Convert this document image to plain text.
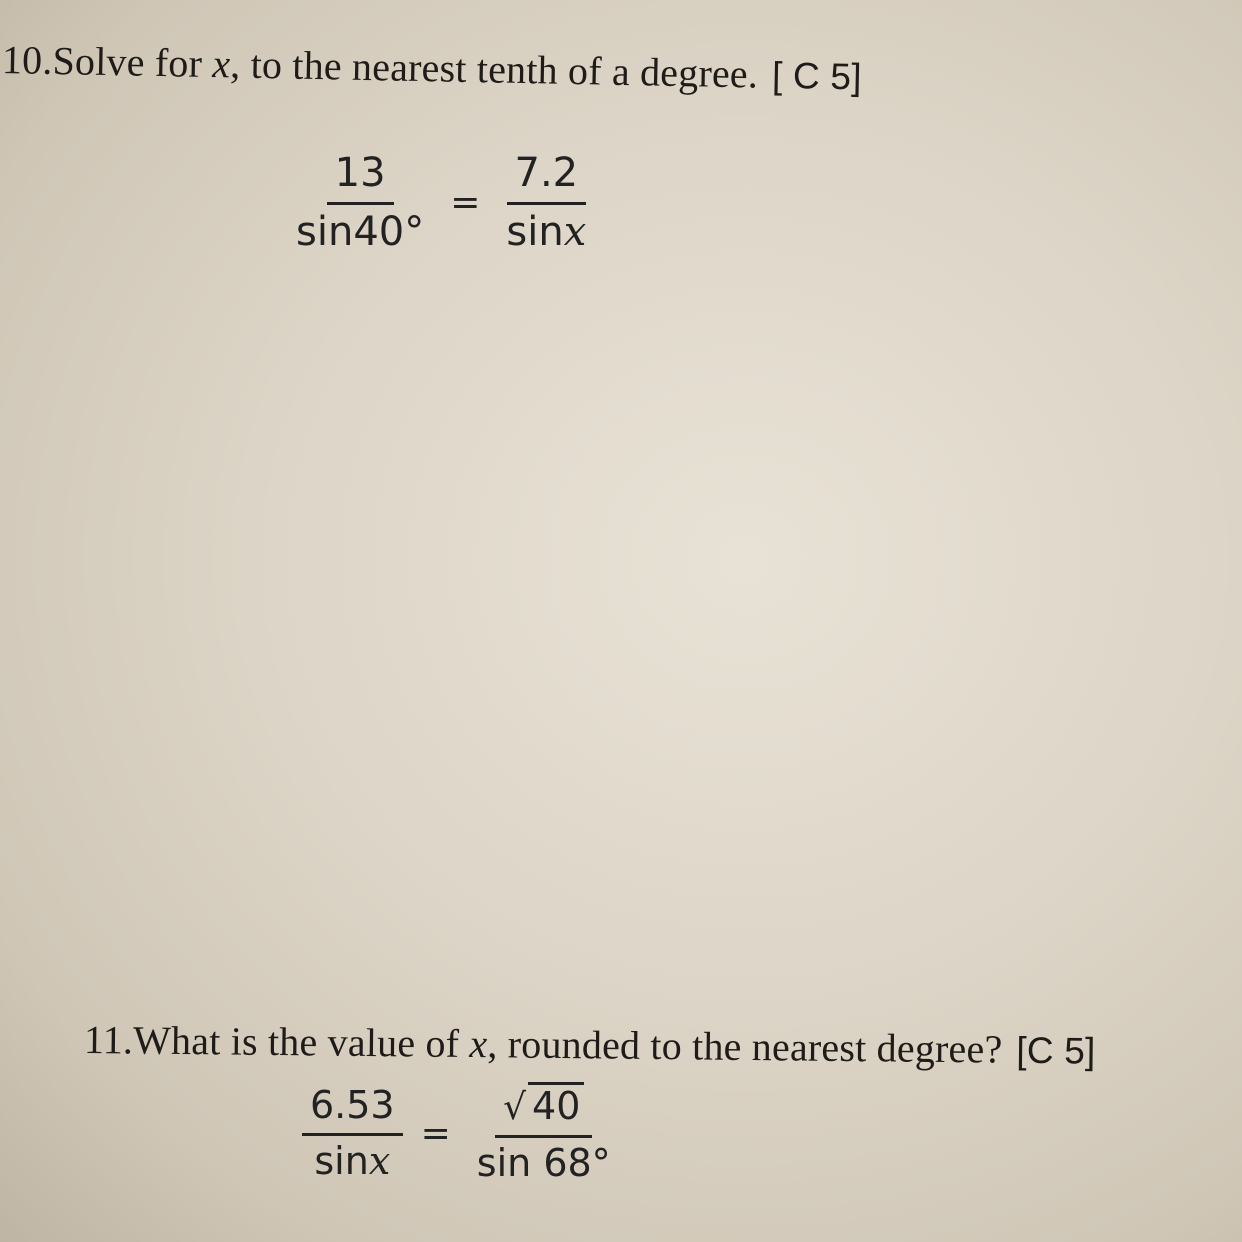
10.Solve for x, to the nearest tenth of a degree. [ C 5]
$\frac{13}{\sin 40^\circ} = \frac{7.2}{\sin x}$
11.What is the value of x, rounded to the nearest degree? [C 5]
$\frac{6.53}{\sin x} = \frac{√ 40}{\sin 68^\circ}$
